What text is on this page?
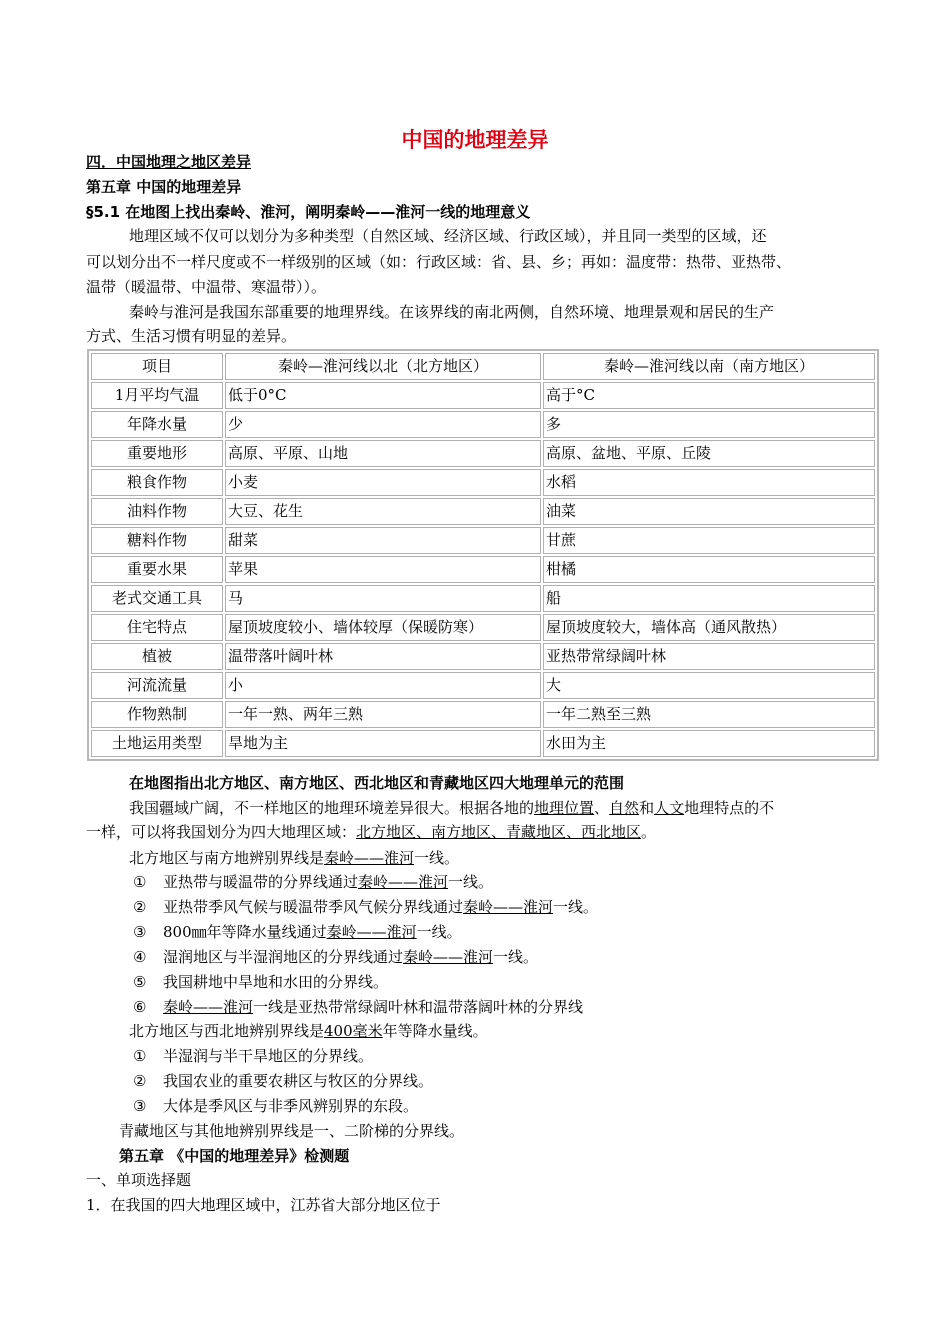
中国的地理差异
四．中国地理之地区差异
第五章 中国的地理差异
§5.1 在地图上找出秦岭、淮河，阐明秦岭——淮河一线的地理意义
地理区域不仅可以划分为多种类型（自然区域、经济区域、行政区域），并且同一类型的区域，还
可以划分出不一样尺度或不一样级别的区域（如：行政区域：省、县、乡；再如：温度带：热带、亚热带、
温带（暖温带、中温带、寒温带））。
秦岭与淮河是我国东部重要的地理界线。在该界线的南北两侧，自然环境、地理景观和居民的生产
方式、生活习惯有明显的差异。
项目	秦岭—淮河线以北（北方地区）	秦岭—淮河线以南（南方地区）
1月平均气温	低于0°C	高于°C
年降水量	少	多
重要地形	高原、平原、山地	高原、盆地、平原、丘陵
粮食作物	小麦	水稻
油料作物	大豆、花生	油菜
糖料作物	甜菜	甘蔗
重要水果	苹果	柑橘
老式交通工具	马	船
住宅特点	屋顶坡度较小、墙体较厚（保暖防寒）	屋顶坡度较大，墙体高（通风散热）
植被	温带落叶阔叶林	亚热带常绿阔叶林
河流流量	小	大
作物熟制	一年一熟、两年三熟	一年二熟至三熟
土地运用类型	旱地为主	水田为主
在地图指出北方地区、南方地区、西北地区和青藏地区四大地理单元的范围
我国疆域广阔，不一样地区的地理环境差异很大。根据各地的地理位置、自然和人文地理特点的不
一样，可以将我国划分为四大地理区域：北方地区、南方地区、青藏地区、西北地区。
北方地区与南方地辨别界线是秦岭——淮河一线。
① 亚热带与暖温带的分界线通过秦岭——淮河一线。
② 亚热带季风气候与暖温带季风气候分界线通过秦岭——淮河一线。
③ 800㎜年等降水量线通过秦岭——淮河一线。
④ 湿润地区与半湿润地区的分界线通过秦岭——淮河一线。
⑤ 我国耕地中旱地和水田的分界线。
⑥ 秦岭——淮河一线是亚热带常绿阔叶林和温带落阔叶林的分界线
北方地区与西北地辨别界线是400毫米年等降水量线。
① 半湿润与半干旱地区的分界线。
② 我国农业的重要农耕区与牧区的分界线。
③ 大体是季风区与非季风辨别界的东段。
青藏地区与其他地辨别界线是一、二阶梯的分界线。
第五章 《中国的地理差异》检测题
一、单项选择题
1．在我国的四大地理区域中，江苏省大部分地区位于
